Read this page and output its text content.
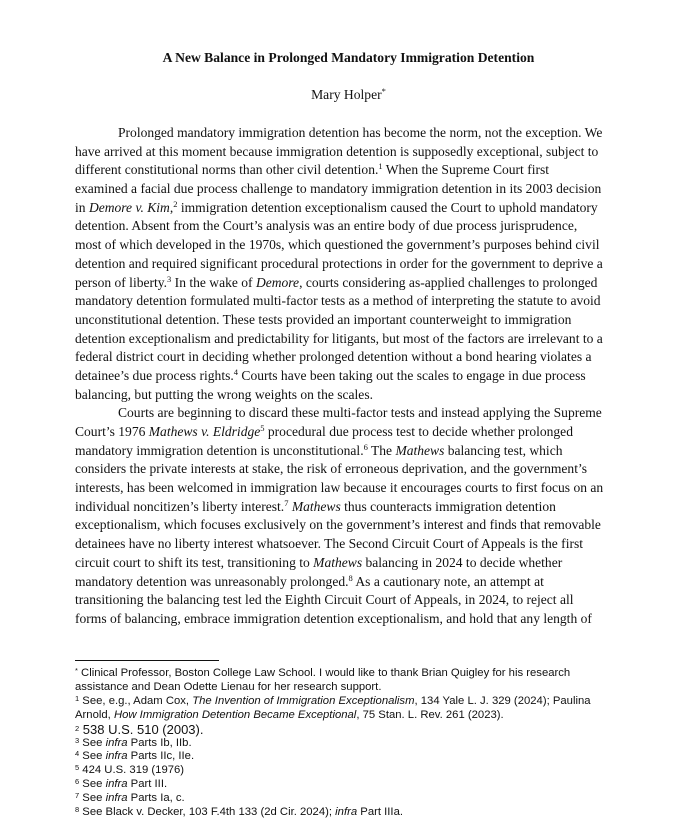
A New Balance in Prolonged Mandatory Immigration Detention
Mary Holper*
Prolonged mandatory immigration detention has become the norm, not the exception. We
have arrived at this moment because immigration detention is supposedly exceptional, subject to
different constitutional norms than other civil detention.$^1$ When the Supreme Court first
examined a facial due process challenge to mandatory immigration detention in its 2003 decision
in Demore v. Kim,$^2$ immigration detention exceptionalism caused the Court to uphold mandatory
detention. Absent from the Court’s analysis was an entire body of due process jurisprudence,
most of which developed in the 1970s, which questioned the government’s purposes behind civil
detention and required significant procedural protections in order for the government to deprive a
person of liberty.$^3$ In the wake of Demore, courts considering as-applied challenges to prolonged
mandatory detention formulated multi-factor tests as a method of interpreting the statute to avoid
unconstitutional detention. These tests provided an important counterweight to immigration
detention exceptionalism and predictability for litigants, but most of the factors are irrelevant to a
federal district court in deciding whether prolonged detention without a bond hearing violates a
detainee’s due process rights.$^4$ Courts have been taking out the scales to engage in due process
balancing, but putting the wrong weights on the scales.
Courts are beginning to discard these multi-factor tests and instead applying the Supreme
Court’s 1976 Mathews v. Eldridge$^5$ procedural due process test to decide whether prolonged
mandatory immigration detention is unconstitutional.$^6$ The Mathews balancing test, which
considers the private interests at stake, the risk of erroneous deprivation, and the government’s
interests, has been welcomed in immigration law because it encourages courts to first focus on an
individual noncitizen’s liberty interest.$^7$ Mathews thus counteracts immigration detention
exceptionalism, which focuses exclusively on the government’s interest and finds that removable
detainees have no liberty interest whatsoever. The Second Circuit Court of Appeals is the first
circuit court to shift its test, transitioning to Mathews balancing in 2024 to decide whether
mandatory detention was unreasonably prolonged.$^8$ As a cautionary note, an attempt at
transitioning the balancing test led the Eighth Circuit Court of Appeals, in 2024, to reject all
forms of balancing, embrace immigration detention exceptionalism, and hold that any length of
* Clinical Professor, Boston College Law School. I would like to thank Brian Quigley for his research
assistance and Dean Odette Lienau for her research support.
$^1$ See, e.g., Adam Cox, The Invention of Immigration Exceptionalism, 134 Yale L. J. 329 (2024); Paulina
Arnold, How Immigration Detention Became Exceptional, 75 Stan. L. Rev. 261 (2023).
$^2$ 538 U.S. 510 (2003).
$^3$ See infra Parts Ib, IIb.
$^4$ See infra Parts IIc, IIe.
$^5$ 424 U.S. 319 (1976)
$^6$ See infra Part III.
$^7$ See infra Parts Ia, c.
$^8$ See Black v. Decker, 103 F.4th 133 (2d Cir. 2024); infra Part IIIa.
